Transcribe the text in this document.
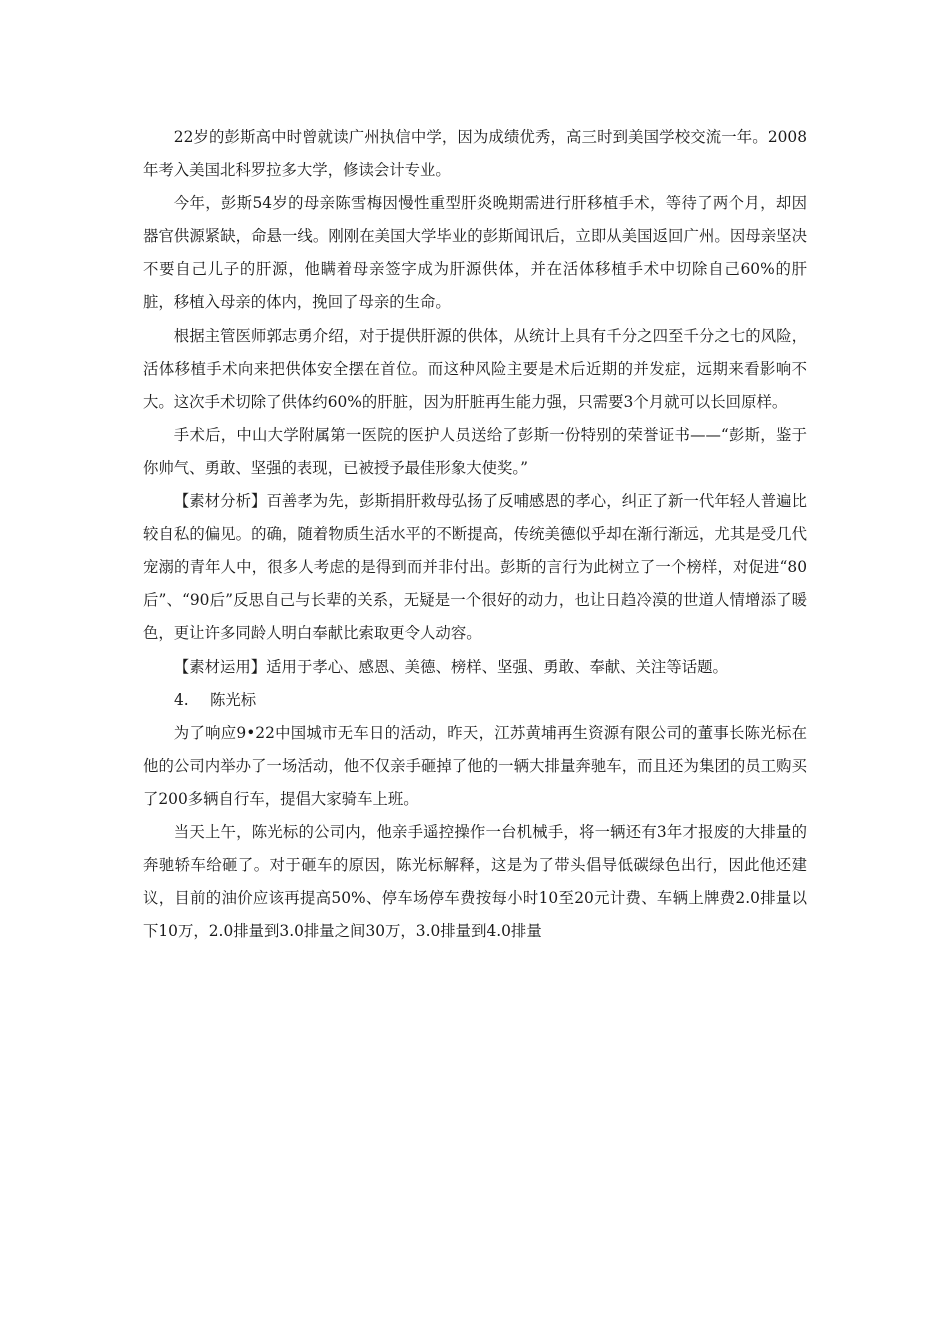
22岁的彭斯高中时曾就读广州执信中学，因为成绩优秀，高三时到美国学校交流一年。2008年考入美国北科罗拉多大学，修读会计专业。

今年，彭斯54岁的母亲陈雪梅因慢性重型肝炎晚期需进行肝移植手术，等待了两个月，却因器官供源紧缺，命悬一线。刚刚在美国大学毕业的彭斯闻讯后，立即从美国返回广州。因母亲坚决不要自己儿子的肝源，他瞒着母亲签字成为肝源供体，并在活体移植手术中切除自己60%的肝脏，移植入母亲的体内，挽回了母亲的生命。

根据主管医师郭志勇介绍，对于提供肝源的供体，从统计上具有千分之四至千分之七的风险，活体移植手术向来把供体安全摆在首位。而这种风险主要是术后近期的并发症，远期来看影响不大。这次手术切除了供体约60%的肝脏，因为肝脏再生能力强，只需要3个月就可以长回原样。

手术后，中山大学附属第一医院的医护人员送给了彭斯一份特别的荣誉证书——“彭斯，鉴于你帅气、勇敢、坚强的表现，已被授予最佳形象大使奖。”

【素材分析】百善孝为先，彭斯捐肝救母弘扬了反哺感恩的孝心，纠正了新一代年轻人普遍比较自私的偏见。的确，随着物质生活水平的不断提高，传统美德似乎却在渐行渐远，尤其是受几代宠溺的青年人中，很多人考虑的是得到而并非付出。彭斯的言行为此树立了一个榜样，对促进“80后”、“90后”反思自己与长辈的关系，无疑是一个很好的动力，也让日趋冷漠的世道人情增添了暖色，更让许多同龄人明白奉献比索取更令人动容。

【素材运用】适用于孝心、感恩、美德、榜样、坚强、勇敢、奉献、关注等话题。

4.	陈光标

为了响应9•22中国城市无车日的活动，昨天，江苏黄埔再生资源有限公司的董事长陈光标在他的公司内举办了一场活动，他不仅亲手砸掉了他的一辆大排量奔驰车，而且还为集团的员工购买了200多辆自行车，提倡大家骑车上班。

当天上午，陈光标的公司内，他亲手遥控操作一台机械手，将一辆还有3年才报废的大排量的奔驰轿车给砸了。对于砸车的原因，陈光标解释，这是为了带头倡导低碳绿色出行，因此他还建议，目前的油价应该再提高50%、停车场停车费按每小时10至20元计费、车辆上牌费2.0排量以下10万，2.0排量到3.0排量之间30万，3.0排量到4.0排量
